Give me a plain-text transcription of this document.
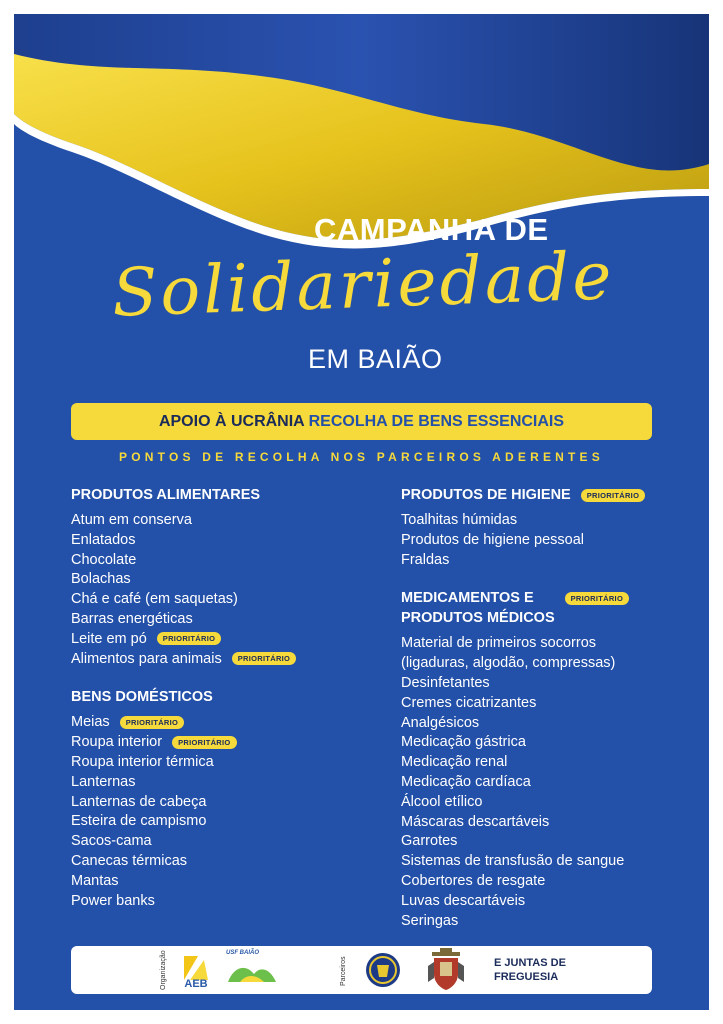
CAMPANHA DE
Solidariedade
EM BAIÃO
APOIO À UCRÂNIA RECOLHA DE BENS ESSENCIAIS
PONTOS DE RECOLHA NOS PARCEIROS ADERENTES
PRODUTOS ALIMENTARES
Atum em conserva
Enlatados
Chocolate
Bolachas
Chá e café (em saquetas)
Barras energéticas
Leite em pó PRIORITÁRIO
Alimentos para animais PRIORITÁRIO
BENS DOMÉSTICOS
Meias PRIORITÁRIO
Roupa interior PRIORITÁRIO
Roupa interior térmica
Lanternas
Lanternas de cabeça
Esteira de campismo
Sacos-cama
Canecas térmicas
Mantas
Power banks
PRODUTOS DE HIGIENE	PRIORITÁRIO
Toalhitas húmidas
Produtos de higiene pessoal
Fraldas
MEDICAMENTOS E
PRODUTOS MÉDICOS
PRIORITÁRIO
Material de primeiros socorros
(ligaduras, algodão, compressas)
Desinfetantes
Cremes cicatrizantes
Analgésicos
Medicação gástrica
Medicação renal
Medicação cardíaca
Álcool etílico
Máscaras descartáveis
Garrotes
Sistemas de transfusão de sangue
Cobertores de resgate
Luvas descartáveis
Seringas
Organização AEB
USF BAIÃO
Parceiros	E JUNTAS DE
FREGUESIA
